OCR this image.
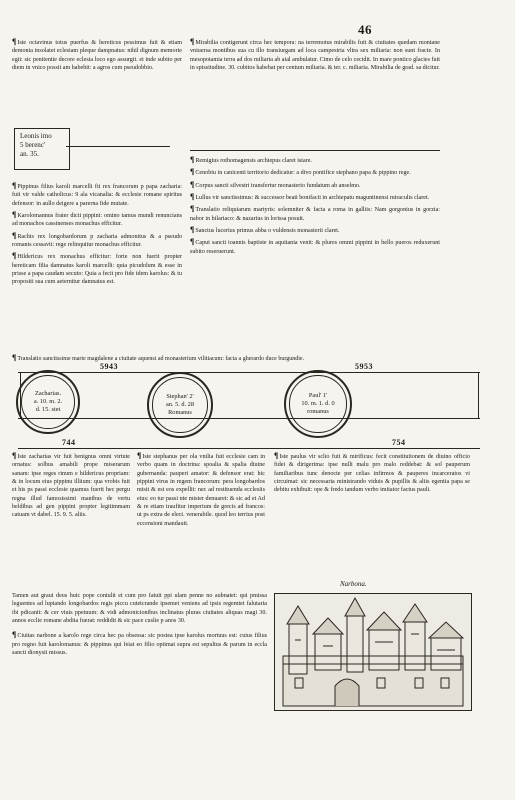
46

¶Iste octavinus totus puerfus & hereticus pessimus fuit & etiam demonia insolatet eclesiam pleque dampnatus: nihil dignum memorie egit: sic penitentie decore eclesia loco ego assurgit. et inde subito per diem in vnico possit am habebit: a agros cum pseudobbio.

Leonis imo
5 berenc'
an. 35.

¶Pippinus filius karoli marcelli fit rex francorum p papa zacharia: fuit vir valde catholicus: 9 ala vicanalia: & ecclesie romane spiritus defensor: in aullo deigere a parerna fide mutate.

¶Karolomannus frater dicti pippini: omino tamus mundi renuncians ad monachos cassinenses monachus efficitur.

¶Rachis rex longobardorum p zacharia admonitus & a pseudo romanis cessavit: rege relinquitur monachus efficitur.

¶Hildericus rex monachus efficitur: forte non fuerit propter hereticam filia damnatus karoli marcelli: quia picudolum & esse in prisse a papa caudam secuto: Quia a fecit pro fide idem karolus: & tu propositi sua cum aeternitur damnatus est.

¶Mirabilia contigerunt circa hec tempora: na terremotus mirabilis fuit & ciuitates quedam montane vniuersa montibus sua cu illo transiurgam ad loca campestria vltra sex miliaria: non sunt fracte. In mesopotamia terra ad dos miliaria ab aial ambulatur. Cimo de celo cecidit. In mare pontico glacies fuit in spissitudine. 30. cubitos habebat per centum miliaria. & ter. c. miliaria. Mirabilia de grad. sa dicitur.

¶Remigius rothomagensis archiepus claret istare.

¶Cenobiu in canicenti territorio dedicatur: a divo pontifice stephano papa & pippino rege.

¶Corpus sancti silvestri transfertur monasterio fundatum ab anselmo.

¶Lullus vir sanctissimus: & successor beati bonifacii in archiepatu maguntinensi miraculis claret.

¶Translatio reliquiarum martyris: solemniter & facta a roma in galliis: Nam gorgonius in gorzia: nabor in hilariaco: & nazarius in lorissa posuit.

¶Sanctus lucerius primus abba o vuldensis monasterii claret.

¶Caput sancti ioannis baptiste in aquitania venit: & plures ommi pippini in bello pueros reduxerunt subito reseruerunt.

¶Translatio sanctissime marie magdalene a ciuitate aquensi ad monasterium vilitiacum: facta a gherardo duce burgundie.
5943	5953
Zacharias.
a. 10. m. 2.
d. 15. stet
Stephan' 2'
an. 5. d. 28
Romanus
Paul' 1'
10. m. 1. d. 0
romanus
744	754

¶Iste zacharias vir fuit benignus omni virtute ornatus: solbus amabili prope miserarum sanam: ipse reges rinum e hildericus propriam: & in locum eius pippinu illiium: qua vrobis fuit et his ps passi ecclesie quamus fuerit hec pergu regna illud famosissimi manibus de vertu beldibus ad gen pippini propter legitimmam catuam vt dabel. 15. 9. 5. aliis.

¶Iste stephanus per ola vnilia fuit ecclesie cam in verbo quam in doctrina: spoalia & spalia diuine gubernanda: pauperi amator: & defensor erat: hic pippini virus in regem francorum: pera longobardos misit & est eos expellit: nec ad restituenda ecclesiis eius: eo tur passi nte mister denuaret: & sic ad et Ad & re etiam traufitur imperium de grecis ad francos: ut ps extra de elect. venerabile. quod leo terrius post eccensioni mandauit.

¶Iste paulus vir sclio fuit & mirificus: fecit constitutionem de diuino officio fidei & dirigerima: ipse nulli malu pro malo reddebat: & sol pauperum familiaribus tunc denocte per celias infirmos & pauperes incarceratos vi circuimat: sic necessaria ministrando viduis & pupillis & aliis egentia papa se debitu exhibuit: ope & fredo tandum verbo imitator factus pauli.

Tamen aut graui deus huic pope contulit et cum pro fatuit ppi ulam penne no aubnatet: qui pmissa leguentes ad luptando longobardos regis piccu cutetcrande ipsemet veniens ad ipsis regemtet falutaria ibi pdicanit: & cer viuis ppetuum: & vidi admonicionibus inclinatus pluras ciuitates aliquas magi 30. annos ecclie romane abdita fuerat: reddidit & sic pace cuslie p anos 30.

¶Ciuitas narbone a karolo rege circa hec pa obsessa: sic postea ipse karolus mortuus est: cuius filius pro regno fuit karolomanus: & pippinus qui feiat eo filio optimat supra est sepultus & parum in eccla sancti dionysii missus.

Narbona.
